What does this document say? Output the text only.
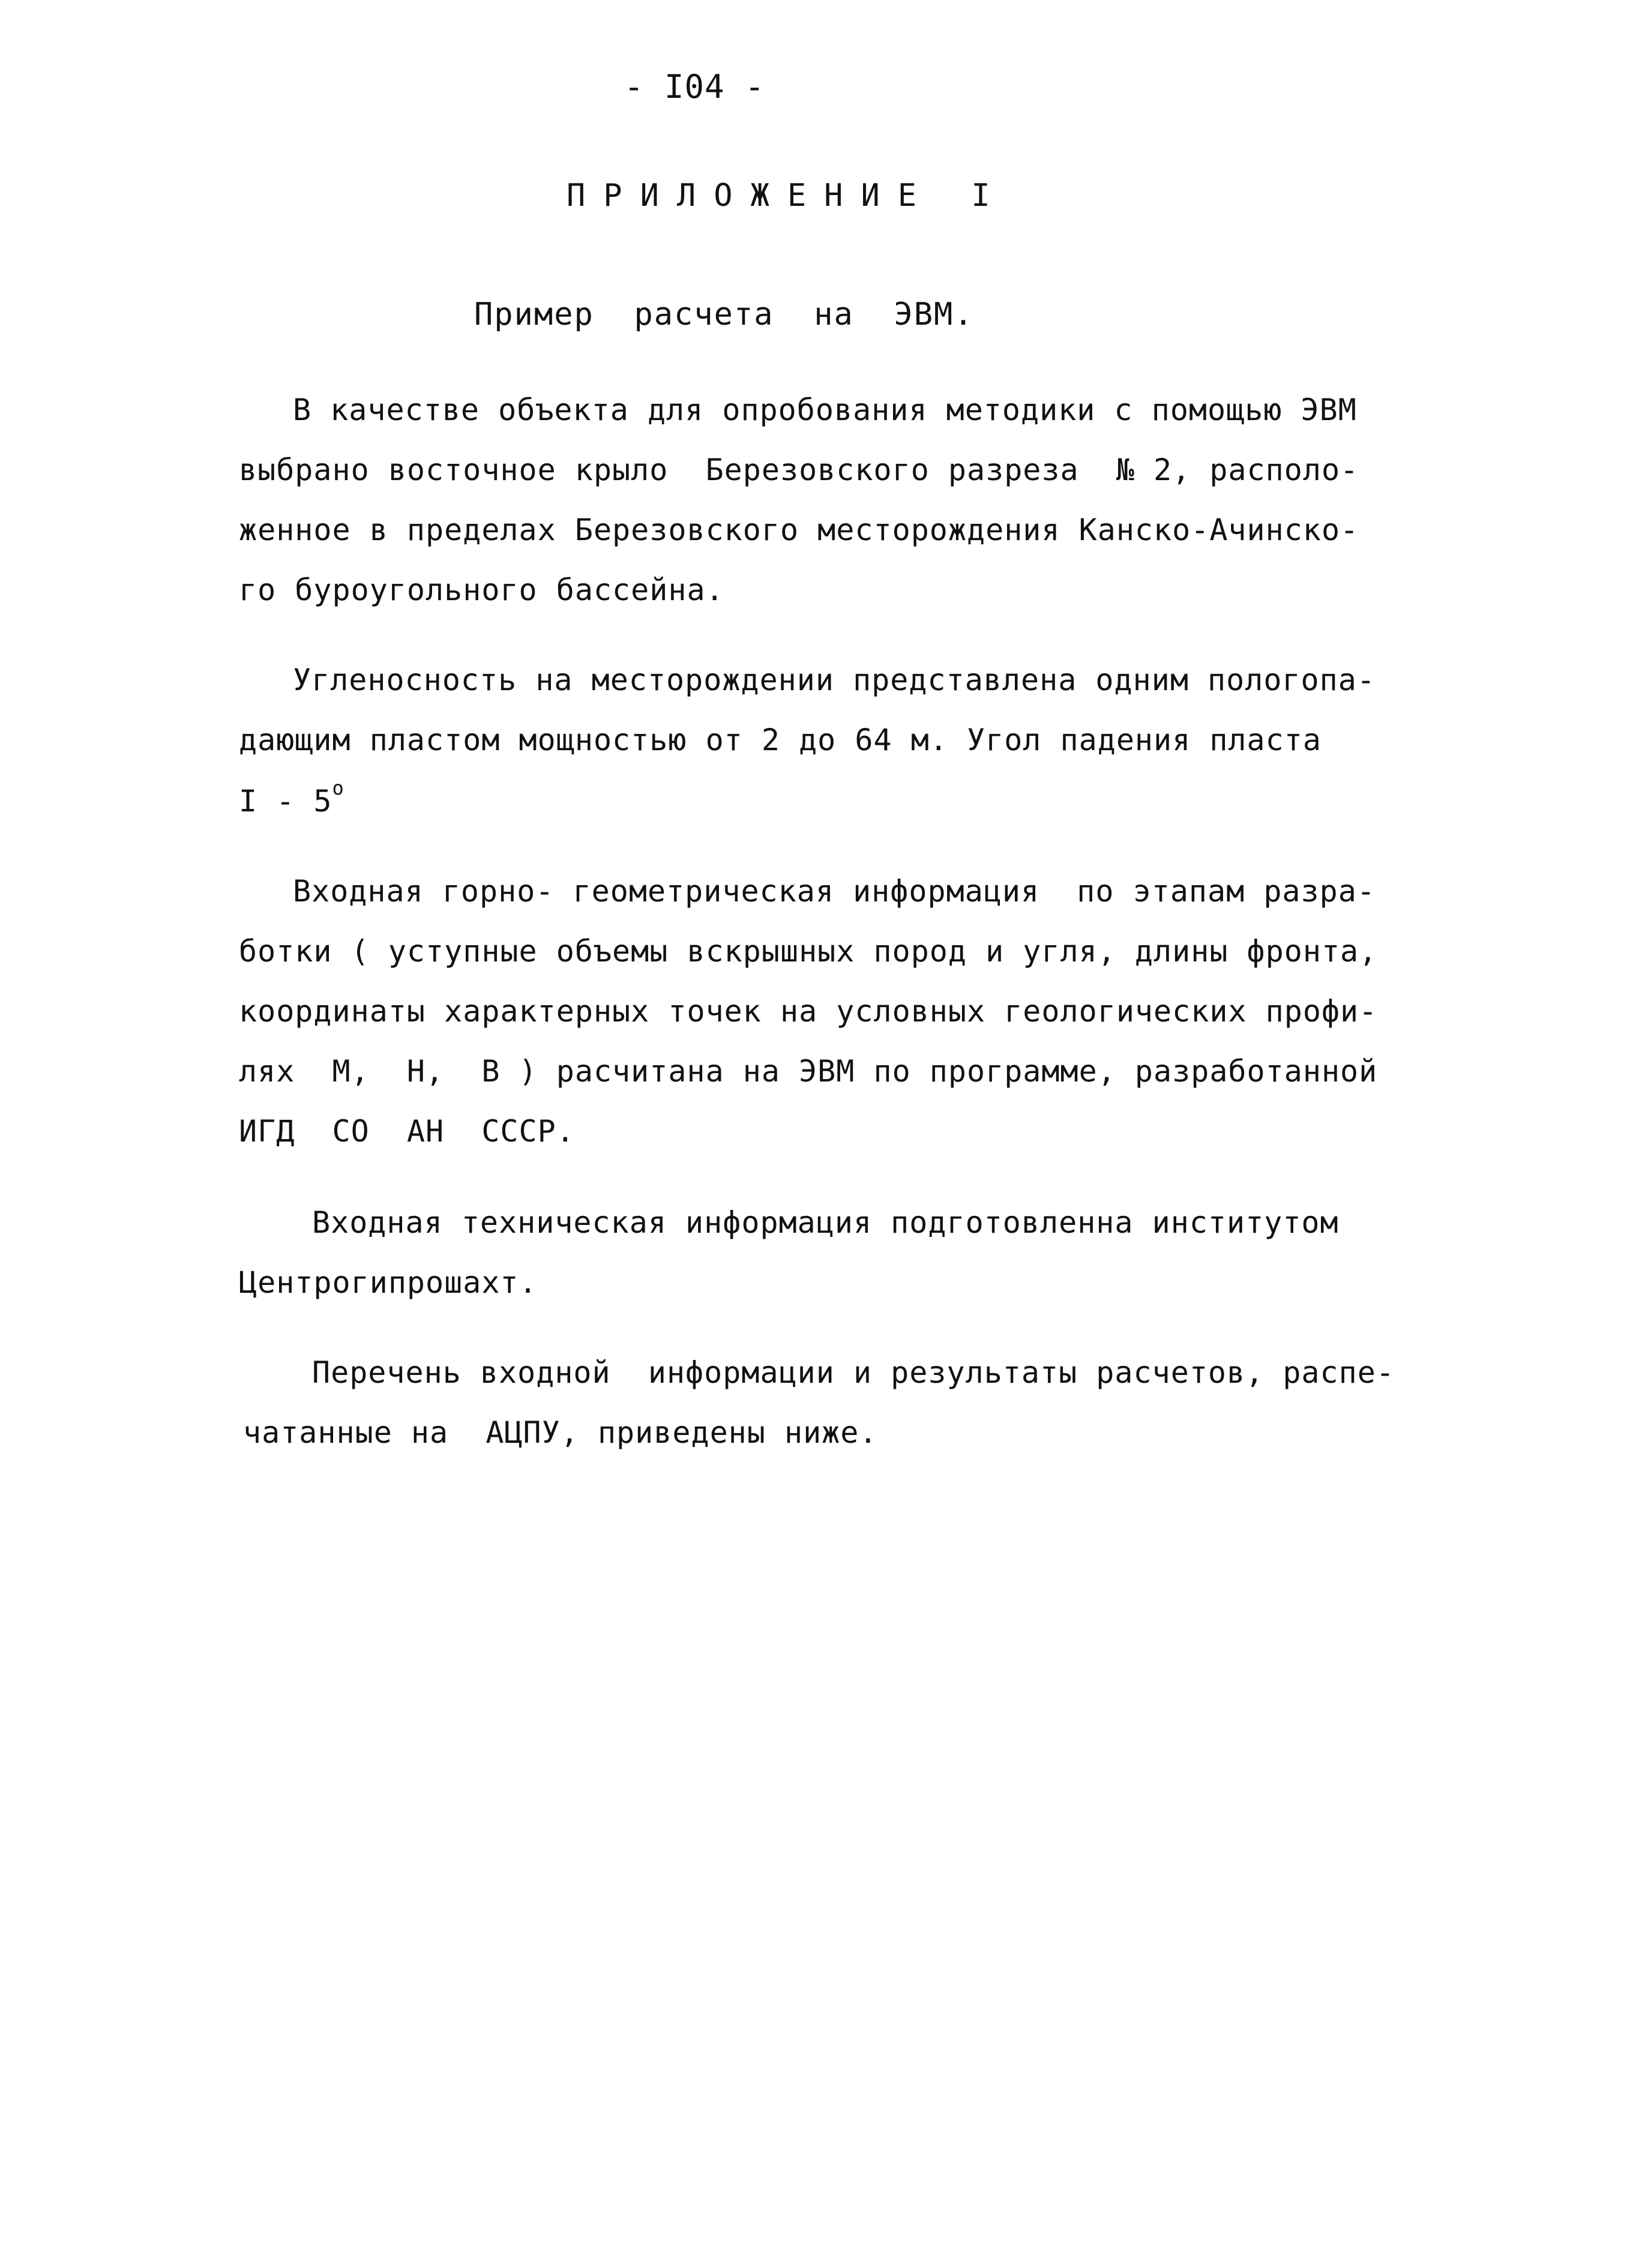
- I04 -
ПРИЛОЖЕНИЕ I
Пример  расчета  на  ЭВМ.
В качестве объекта для опробования методики с помощью ЭВМ
выбрано восточное крыло  Березовского разреза  № 2, располо-
женное в пределах Березовского месторождения Канско-Ачинско-
го буроугольного бассейна.
Угленосность на месторождении представлена одним пологопа-
дающим пластом мощностью от 2 до 64 м. Угол падения пласта
I - 5$^o$
Входная горно- геометрическая информация  по этапам разра-
ботки ( уступные объемы вскрышных пород и угля, длины фронта,
координаты характерных точек на условных геологических профи-
лях  М,  Н,  В ) расчитана на ЭВМ по программе, разработанной
ИГД  СО  АН  СССР.
Входная техническая информация подготовленна институтом
Центрогипрошахт.
Перечень входной  информации и результаты расчетов, распе-
чатанные на  АЦПУ, приведены ниже.
